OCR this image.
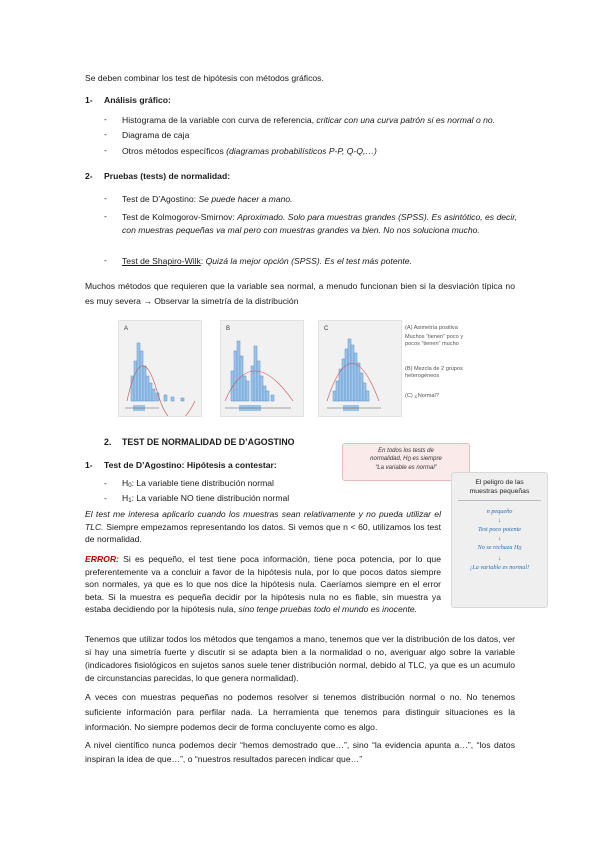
Se deben combinar los test de hipótesis con métodos gráficos.
1- Análisis gráfico:
- Histograma de la variable con curva de referencia, criticar con una curva patrón si es normal o no.
- Diagrama de caja
- Otros métodos específicos (diagramas probabilísticos P-P, Q-Q,…)
2- Pruebas (tests) de normalidad:
- Test de D’Agostino: Se puede hacer a mano.
- Test de Kolmogorov-Smirnov: Aproximado. Solo para muestras grandes (SPSS). Es asintótico, es decir, con muestras pequeñas va mal pero con muestras grandes va bien. No nos soluciona mucho.
- Test de Shapiro-Wilk: Quizá la mejor opción (SPSS). Es el test más potente.
Muchos métodos que requieren que la variable sea normal, a menudo funcionan bien si la desviación típica no es muy severa → Observar la simetría de la distribución
A	B	C	(A) Asimetría positiva
Muchos “tienen” poco y pocos “tienen” mucho
(B) Mezcla de 2 grupos heterogéneos
(C) ¿Normal?
2. TEST DE NORMALIDAD DE D’AGOSTINO
1- Test de D’Agostino: Hipótesis a contestar:
- H0: La variable tiene distribución normal
- H1: La variable NO tiene distribución normal
En todos los tests de
normalidad, H0 es siempre
“La variable es normal”
El peligro de las
muestras pequeñas
n pequeño
↓
Test poco potente
↓
No se rechaza H0
↓
¡La variable es normal!
El test me interesa aplicarlo cuando los muestras sean relativamente y no pueda utilizar el TLC. Siempre empezamos representando los datos. Si vemos que n < 60, utilizamos los test de normalidad.
ERROR: Si es pequeño, el test tiene poca información, tiene poca potencia, por lo que preferentemente va a concluir a favor de la hipótesis nula, por lo que pocos datos siempre son normales, ya que es lo que nos dice la hipótesis nula. Caeríamos siempre en el error beta. Si la muestra es pequeña decidir por la hipótesis nula no es fiable, sin muestra ya estaba decidiendo por la hipótesis nula, sino tenge pruebas todo el mundo es inocente.
Tenemos que utilizar todos los métodos que tengamos a mano, tenemos que ver la distribución de los datos, ver si hay una simetría fuerte y discutir si se adapta bien a la normalidad o no, averiguar algo sobre la variable (indicadores fisiológicos en sujetos sanos suele tener distribución normal, debido al TLC, ya que es un acumulo de circunstancias parecidas, lo que genera normalidad).
A veces con muestras pequeñas no podemos resolver si tenemos distribución normal o no. No tenemos suficiente información para perfilar nada. La herramienta que tenemos para distinguir situaciones es la información. No siempre podemos decir de forma concluyente como es algo.
A nivel científico nunca podemos decir “hemos demostrado que…”, sino “la evidencia apunta a…”, “los datos inspiran la idea de que…”, o “nuestros resultados parecen indicar que…”
